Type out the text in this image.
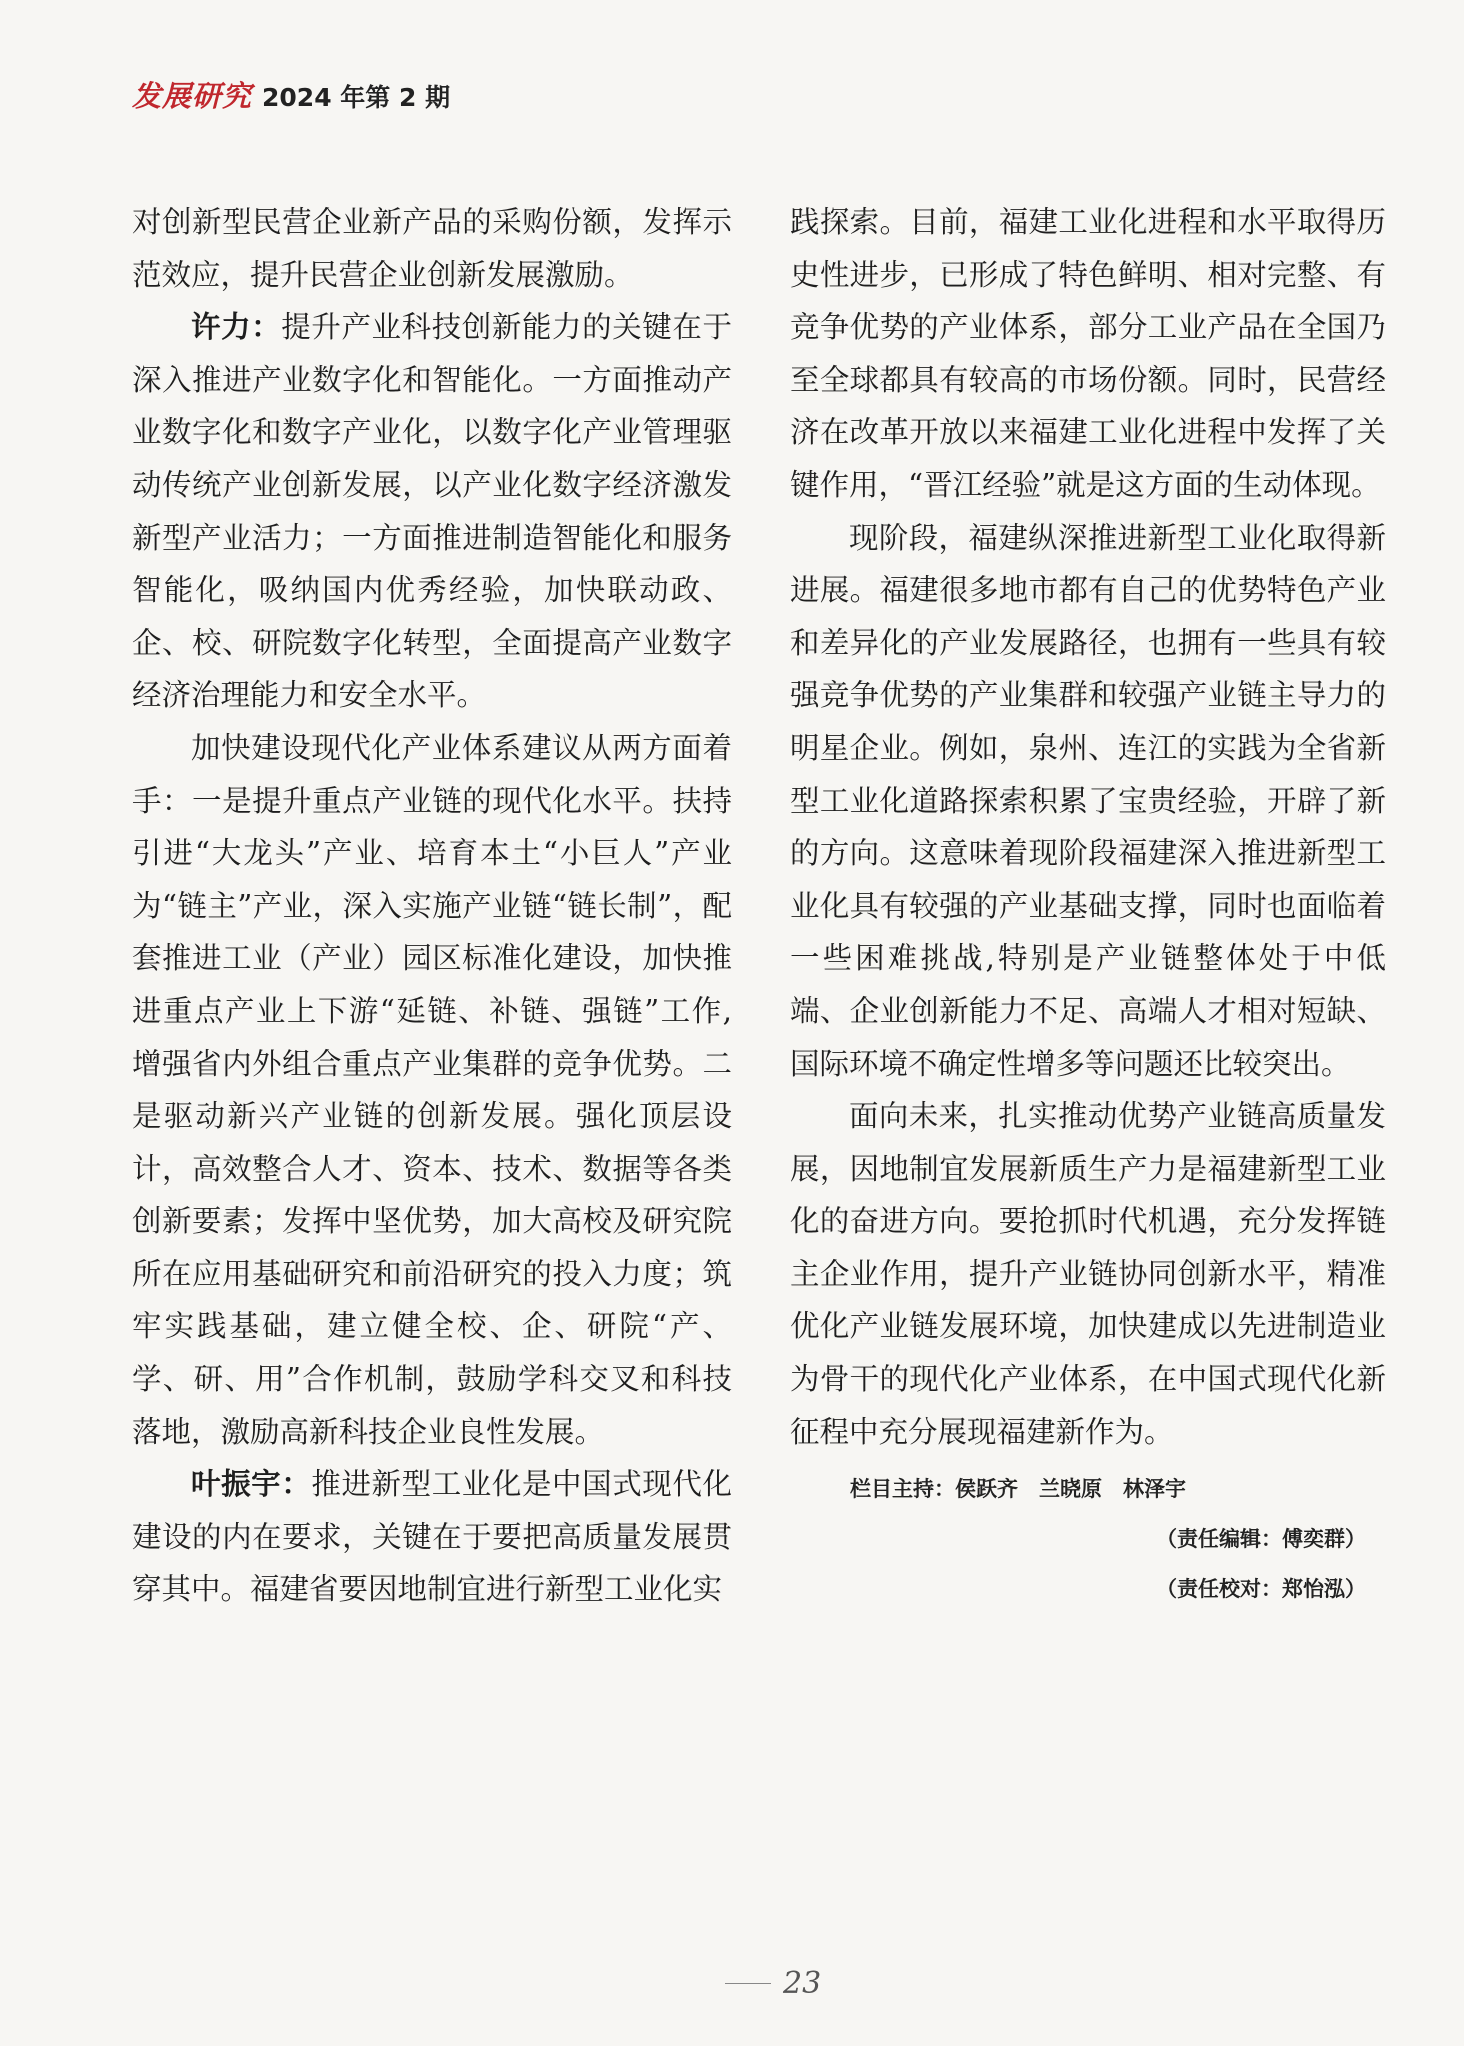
发展研究 2024 年第 2 期

对创新型民营企业新产品的采购份额，发挥示范效应，提升民营企业创新发展激励。

许力：提升产业科技创新能力的关键在于深入推进产业数字化和智能化。一方面推动产业数字化和数字产业化，以数字化产业管理驱动传统产业创新发展，以产业化数字经济激发新型产业活力；一方面推进制造智能化和服务智能化，吸纳国内优秀经验，加快联动政、企、校、研院数字化转型，全面提高产业数字经济治理能力和安全水平。

加快建设现代化产业体系建议从两方面着手：一是提升重点产业链的现代化水平。扶持引进“大龙头”产业、培育本土“小巨人”产业为“链主”产业，深入实施产业链“链长制”，配套推进工业（产业）园区标准化建设，加快推进重点产业上下游“延链、补链、强链”工作,增强省内外组合重点产业集群的竞争优势。二是驱动新兴产业链的创新发展。强化顶层设计，高效整合人才、资本、技术、数据等各类创新要素；发挥中坚优势，加大高校及研究院所在应用基础研究和前沿研究的投入力度；筑牢实践基础，建立健全校、企、研院“产、学、研、用”合作机制，鼓励学科交叉和科技落地，激励高新科技企业良性发展。

叶振宇：推进新型工业化是中国式现代化建设的内在要求，关键在于要把高质量发展贯穿其中。福建省要因地制宜进行新型工业化实

践探索。目前，福建工业化进程和水平取得历史性进步，已形成了特色鲜明、相对完整、有竞争优势的产业体系，部分工业产品在全国乃至全球都具有较高的市场份额。同时，民营经济在改革开放以来福建工业化进程中发挥了关键作用，“晋江经验”就是这方面的生动体现。

现阶段，福建纵深推进新型工业化取得新进展。福建很多地市都有自己的优势特色产业和差异化的产业发展路径，也拥有一些具有较强竞争优势的产业集群和较强产业链主导力的明星企业。例如，泉州、连江的实践为全省新型工业化道路探索积累了宝贵经验，开辟了新的方向。这意味着现阶段福建深入推进新型工业化具有较强的产业基础支撑，同时也面临着一些困难挑战,特别是产业链整体处于中低端、企业创新能力不足、高端人才相对短缺、国际环境不确定性增多等问题还比较突出。

面向未来，扎实推动优势产业链高质量发展，因地制宜发展新质生产力是福建新型工业化的奋进方向。要抢抓时代机遇，充分发挥链主企业作用，提升产业链协同创新水平，精准优化产业链发展环境，加快建成以先进制造业为骨干的现代化产业体系，在中国式现代化新征程中充分展现福建新作为。

栏目主持：侯跃齐　兰晓原　林泽宇
（责任编辑：傅奕群）
（责任校对：郑怡泓）
23
